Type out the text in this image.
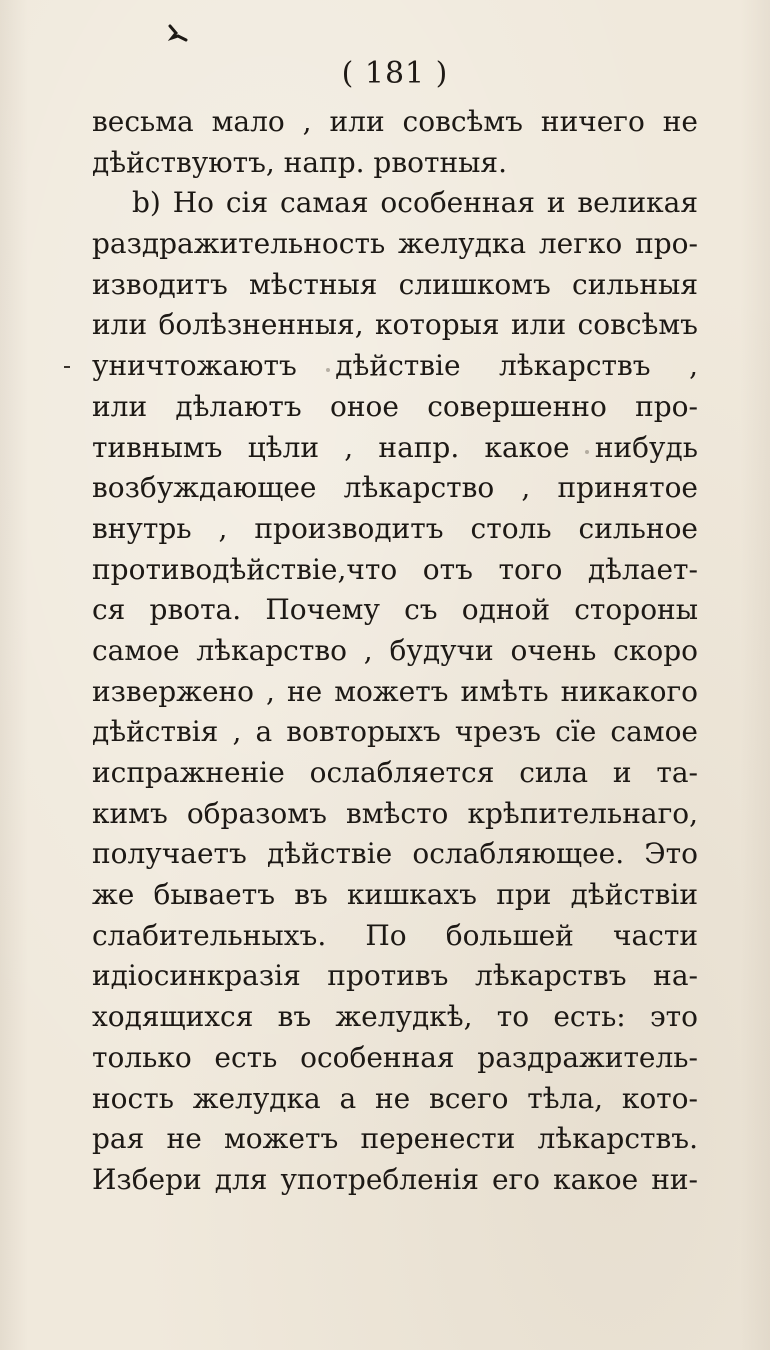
( 181 )
весьма мало , или совсѣмъ ничего не
дѣйствуютъ, напр. рвотныя.
b) Но сія самая особенная и великая
раздражительность желудка легко про-
изводитъ мѣстныя слишкомъ сильныя
или болѣзненныя, которыя или совсѣмъ
уничтожаютъ дѣйствіе лѣкарствъ ,
или дѣлаютъ оное совершенно про-
тивнымъ цѣли , напр. какое нибудь
возбуждающее лѣкарство , принятое
внутрь , производитъ столь сильное
противодѣйствіе,что отъ того дѣлает-
ся рвота. Почему съ одной стороны
самое лѣкарство , будучи очень скоро
извержено , не можетъ имѣть никакого
дѣйствія , а вовторыхъ чрезъ сїе самое
испражненіе ослабляется сила и та-
кимъ образомъ вмѣсто крѣпительнаго,
получаетъ дѣйствіе ослабляющее. Это
же бываетъ въ кишкахъ при дѣйствіи
слабительныхъ. По большей части
идіосинкразія противъ лѣкарствъ на-
ходящихся въ желудкѣ, то есть: это
только есть особенная раздражитель-
ность желудка а не всего тѣла, кото-
рая не можетъ перенести лѣкарствъ.
Избери для употребленія его какое ни-
